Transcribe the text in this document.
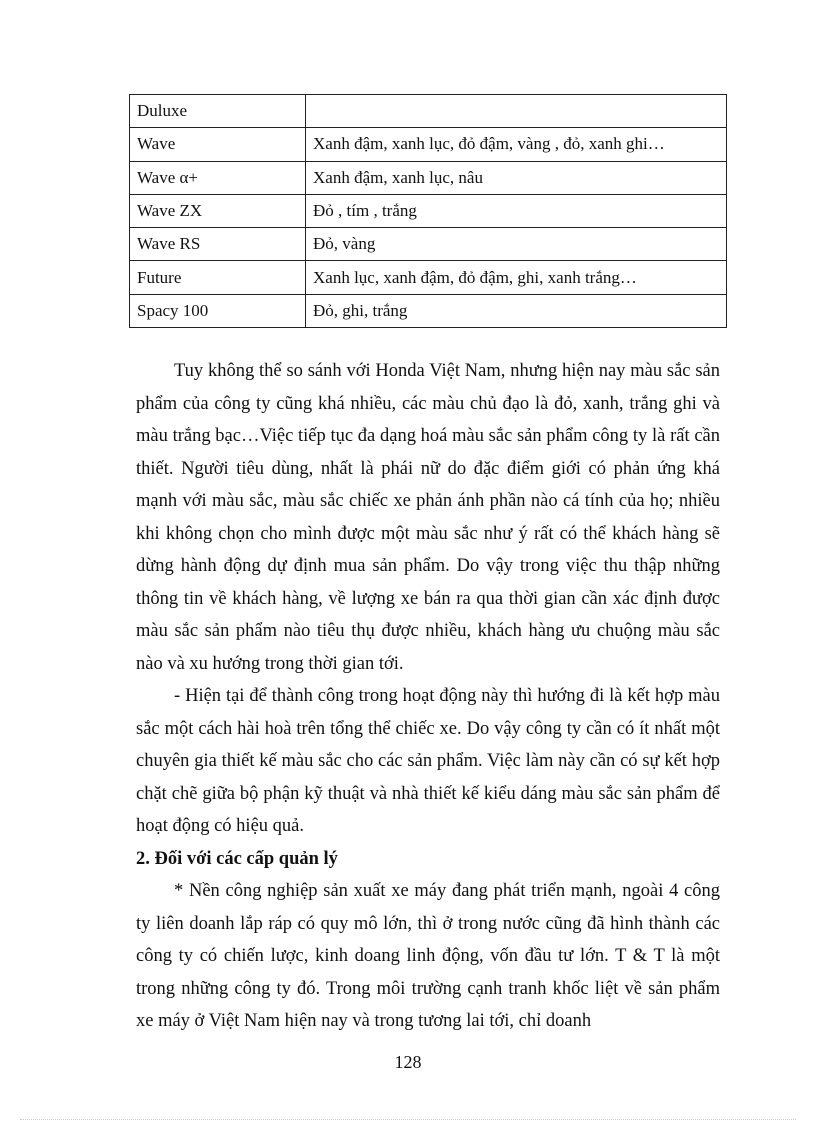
Duluxe	
Wave	Xanh đậm, xanh lục, đỏ đậm, vàng , đỏ, xanh ghi…
Wave α+	Xanh đậm, xanh lục, nâu
Wave ZX	Đỏ , tím , trắng
Wave RS	Đỏ, vàng
Future	Xanh lục, xanh đậm, đỏ đậm, ghi, xanh trắng…
Spacy 100	Đỏ, ghi, trắng

Tuy không thể so sánh với Honda Việt Nam, nhưng hiện nay màu sắc sản phẩm của công ty cũng khá nhiều, các màu chủ đạo là đỏ, xanh, trắng ghi và màu trắng bạc…Việc tiếp tục đa dạng hoá màu sắc sản phẩm công ty là rất cần thiết. Người tiêu dùng, nhất là phái nữ do đặc điểm giới có phản ứng khá mạnh với màu sắc, màu sắc chiếc xe phản ánh phần nào cá tính của họ; nhiều khi không chọn cho mình được một màu sắc như ý rất có thể khách hàng sẽ dừng hành động dự định mua sản phẩm. Do vậy trong việc thu thập những thông tin về khách hàng, về lượng xe bán ra qua thời gian cần xác định được màu sắc sản phẩm nào tiêu thụ được nhiều, khách hàng ưu chuộng màu sắc nào và xu hướng trong thời gian tới.

- Hiện tại để thành công trong hoạt động này thì hướng đi là kết hợp màu sắc một cách hài hoà trên tổng thể chiếc xe. Do vậy công ty cần có ít nhất một chuyên gia thiết kế màu sắc cho các sản phẩm. Việc làm này cần có sự kết hợp chặt chẽ giữa bộ phận kỹ thuật và nhà thiết kế kiểu dáng màu sắc sản phẩm để hoạt động có hiệu quả.

2. Đối với các cấp quản lý

* Nền công nghiệp sản xuất xe máy đang phát triển mạnh, ngoài 4 công ty liên doanh lắp ráp có quy mô lớn, thì ở trong nước cũng đã hình thành các công ty có chiến lược, kinh doang linh động, vốn đầu tư lớn. T & T là một trong những công ty đó. Trong môi trường cạnh tranh khốc liệt về sản phẩm xe máy ở Việt Nam hiện nay và trong tương lai tới, chỉ doanh

128
